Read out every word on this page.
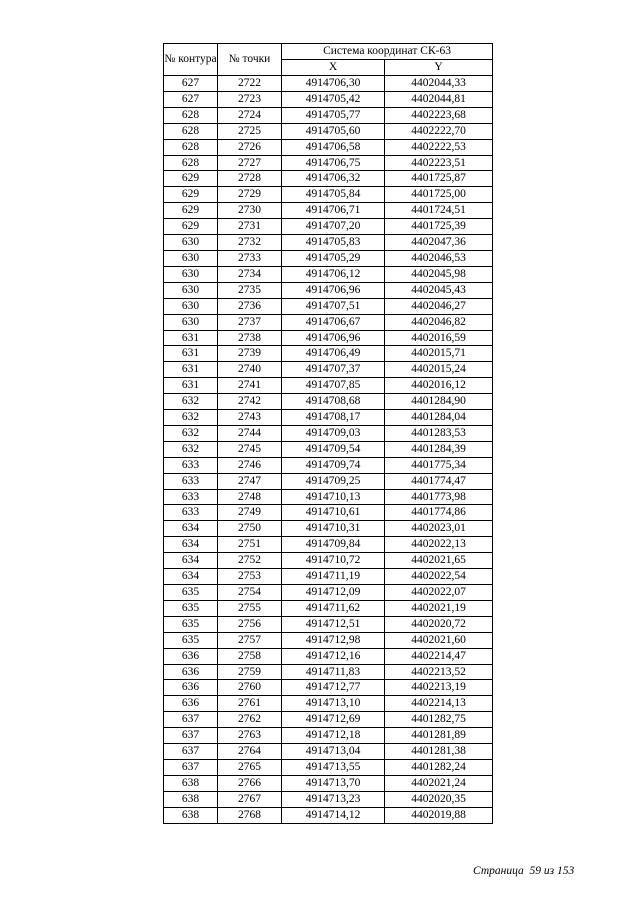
№ контура	№ точки	Система координат СК-63	
		X	Y
627	2722	4914706,30	4402044,33
627	2723	4914705,42	4402044,81
628	2724	4914705,77	4402223,68
628	2725	4914705,60	4402222,70
628	2726	4914706,58	4402222,53
628	2727	4914706,75	4402223,51
629	2728	4914706,32	4401725,87
629	2729	4914705,84	4401725,00
629	2730	4914706,71	4401724,51
629	2731	4914707,20	4401725,39
630	2732	4914705,83	4402047,36
630	2733	4914705,29	4402046,53
630	2734	4914706,12	4402045,98
630	2735	4914706,96	4402045,43
630	2736	4914707,51	4402046,27
630	2737	4914706,67	4402046,82
631	2738	4914706,96	4402016,59
631	2739	4914706,49	4402015,71
631	2740	4914707,37	4402015,24
631	2741	4914707,85	4402016,12
632	2742	4914708,68	4401284,90
632	2743	4914708,17	4401284,04
632	2744	4914709,03	4401283,53
632	2745	4914709,54	4401284,39
633	2746	4914709,74	4401775,34
633	2747	4914709,25	4401774,47
633	2748	4914710,13	4401773,98
633	2749	4914710,61	4401774,86
634	2750	4914710,31	4402023,01
634	2751	4914709,84	4402022,13
634	2752	4914710,72	4402021,65
634	2753	4914711,19	4402022,54
635	2754	4914712,09	4402022,07
635	2755	4914711,62	4402021,19
635	2756	4914712,51	4402020,72
635	2757	4914712,98	4402021,60
636	2758	4914712,16	4402214,47
636	2759	4914711,83	4402213,52
636	2760	4914712,77	4402213,19
636	2761	4914713,10	4402214,13
637	2762	4914712,69	4401282,75
637	2763	4914712,18	4401281,89
637	2764	4914713,04	4401281,38
637	2765	4914713,55	4401282,24
638	2766	4914713,70	4402021,24
638	2767	4914713,23	4402020,35
638	2768	4914714,12	4402019,88
Страница 59 из 153
